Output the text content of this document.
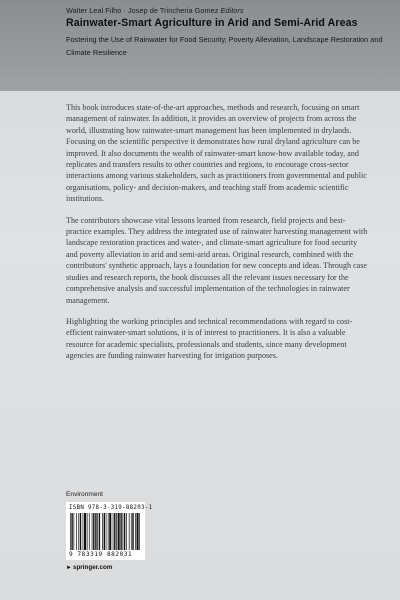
Walter Leal Filho · Josep de Trincheria Gomez Editors
Rainwater-Smart Agriculture in Arid and Semi-Arid Areas
Fostering the Use of Rainwater for Food Security, Poverty Alleviation, Landscape Restoration and Climate Resilience

This book introduces state-of-the-art approaches, methods and research, focusing on smart management of rainwater. In addition, it provides an overview of projects from across the world, illustrating how rainwater-smart management has been implemented in drylands. Focusing on the scientific perspective it demonstrates how rural dryland agriculture can be improved. It also documents the wealth of rainwater-smart know-how available today, and replicates and transfers results to other countries and regions, to encourage cross-sector interactions among various stakeholders, such as practitioners from governmental and public organisations, policy- and decision-makers, and teaching staff from academic scientific institutions.

The contributors showcase vital lessons learned from research, field projects and best-practice examples. They address the integrated use of rainwater harvesting management with landscape restoration practices and water-, and climate-smart agriculture for food security and poverty alleviation in arid and semi-arid areas. Original research, combined with the contributors' synthetic approach, lays a foundation for new concepts and ideas. Through case studies and research reports, the book discusses all the relevant issues necessary for the comprehensive analysis and successful implementation of the technologies in rainwater management.

Highlighting the working principles and technical recommendations with regard to cost-efficient rainwater-smart solutions, it is of interest to practitioners. It is also a valuable resource for academic specialists, professionals and students, since many development agencies are funding rainwater harvesting for irrigation purposes.

Environment
ISBN 978-3-319-88203-1
9 783319 882031
►springer.com
